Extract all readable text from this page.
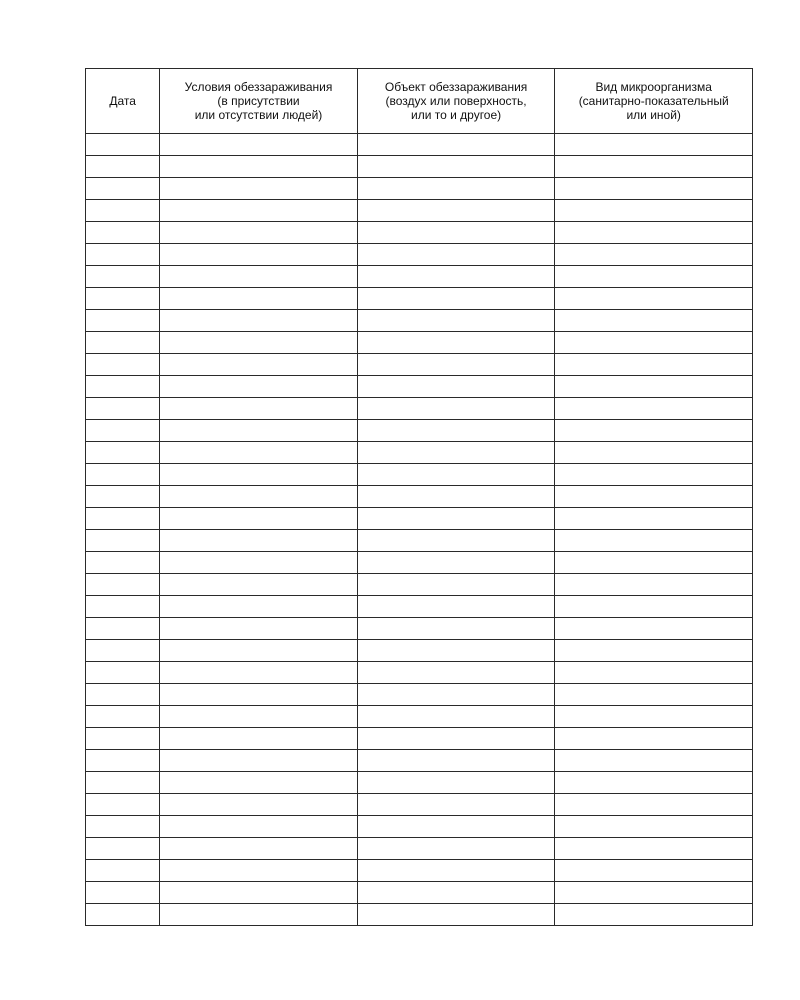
Дата	Условия обеззараживания
(в присутствии
или отсутствии людей)	Объект обеззараживания
(воздух или поверхность,
или то и другое)	Вид микроорганизма
(санитарно-показательный
или иной)
